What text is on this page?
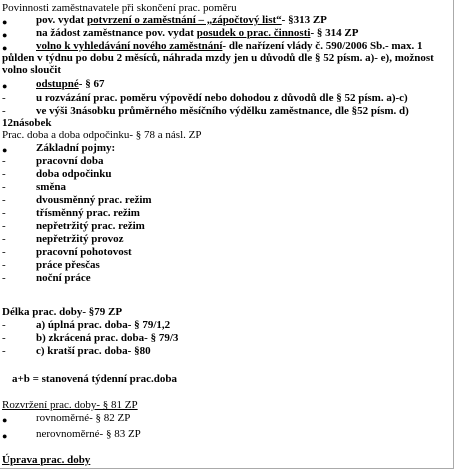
Povinnosti zaměstnavatele při skončení prac. poměru
●	pov. vydat potvrzení o zaměstnání – „zápočtový list“- §313 ZP
●	na žádost zaměstnance pov. vydat posudek o prac. činnosti- § 314 ZP
●	volno k vyhledávání nového zaměstnání- dle nařízení vlády č. 590/2006 Sb.- max. 1
půlden v týdnu po dobu 2 měsíců, náhrada mzdy jen u důvodů dle § 52 písm. a)- e), možnost volno sloučit
●	odstupné- § 67
-	u rozvázání prac. poměru výpovědí nebo dohodou z důvodů dle § 52 písm. a)-c)
-	ve výši 3násobku průměrného měsíčního výdělku zaměstnance, dle §52 písm. d)
12násobek
Prac. doba a doba odpočinku- § 78 a násl. ZP
●	Základní pojmy:
-	pracovní doba
-	doba odpočinku
-	směna
-	dvousměnný prac. režim
-	třísměnný prac. režim
-	nepřetržitý prac. režim
-	nepřetržitý provoz
-	pracovní pohotovost
-	práce přesčas
-	noční práce
Délka prac. doby- §79 ZP
-	a) úplná prac. doba- § 79/1,2
-	b) zkrácená prac. doba- § 79/3
-	c) kratší prac. doba- §80
a+b = stanovená týdenní prac.doba
Rozvržení prac. doby- § 81 ZP
●	rovnoměrné- § 82 ZP
●	nerovnoměrné- § 83 ZP
Úprava prac. doby
